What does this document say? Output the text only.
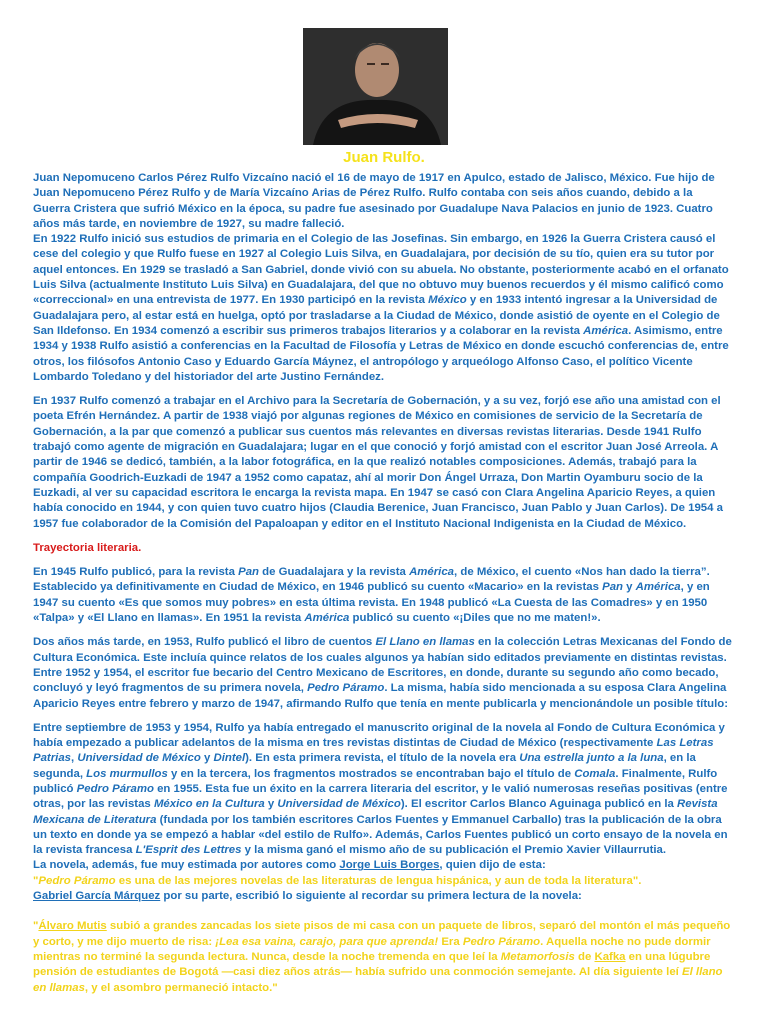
Juan Rulfo.

Juan Nepomuceno Carlos Pérez Rulfo Vizcaíno nació el 16 de mayo de 1917 en Apulco, estado de Jalisco, México. Fue hijo de Juan Nepomuceno Pérez Rulfo y de María Vizcaíno Arias de Pérez Rulfo. Rulfo contaba con seis años cuando, debido a la Guerra Cristera que sufrió México en la época, su padre fue asesinado por Guadalupe Nava Palacios en junio de 1923. Cuatro años más tarde, en noviembre de 1927, su madre falleció.

En 1922 Rulfo inició sus estudios de primaria en el Colegio de las Josefinas. Sin embargo, en 1926 la Guerra Cristera causó el cese del colegio y que Rulfo fuese en 1927 al Colegio Luis Silva, en Guadalajara, por decisión de su tío, quien era su tutor por aquel entonces. En 1929 se trasladó a San Gabriel, donde vivió con su abuela. No obstante, posteriormente acabó en el orfanato Luis Silva (actualmente Instituto Luis Silva) en Guadalajara, del que no obtuvo muy buenos recuerdos y él mismo calificó como «correccional» en una entrevista de 1977. En 1930 participó en la revista México y en 1933 intentó ingresar a la Universidad de Guadalajara pero, al estar está en huelga, optó por trasladarse a la Ciudad de México, donde asistió de oyente en el Colegio de San Ildefonso. En 1934 comenzó a escribir sus primeros trabajos literarios y a colaborar en la revista América. Asimismo, entre 1934 y 1938 Rulfo asistió a conferencias en la Facultad de Filosofía y Letras de México en donde escuchó conferencias de, entre otros, los filósofos Antonio Caso y Eduardo García Máynez, el antropólogo y arqueólogo Alfonso Caso, el político Vicente Lombardo Toledano y del historiador del arte Justino Fernández.

En 1937 Rulfo comenzó a trabajar en el Archivo para la Secretaría de Gobernación, y a su vez, forjó ese año una amistad con el poeta Efrén Hernández. A partir de 1938 viajó por algunas regiones de México en comisiones de servicio de la Secretaría de Gobernación, a la par que comenzó a publicar sus cuentos más relevantes en diversas revistas literarias. Desde 1941 Rulfo trabajó como agente de migración en Guadalajara; lugar en el que conoció y forjó amistad con el escritor Juan José Arreola. A partir de 1946 se dedicó, también, a la labor fotográfica, en la que realizó notables composiciones. Además, trabajó para la compañía Goodrich-Euzkadi de 1947 a 1952 como capataz, ahí al morir Don Ángel Urraza, Don Martin Oyamburu socio de la Euzkadi, al ver su capacidad escritora le encarga la revista mapa. En 1947 se casó con Clara Angelina Aparicio Reyes, a quien había conocido en 1944, y con quien tuvo cuatro hijos (Claudia Berenice, Juan Francisco, Juan Pablo y Juan Carlos). De 1954 a 1957 fue colaborador de la Comisión del Papaloapan y editor en el Instituto Nacional Indigenista en la Ciudad de México.

Trayectoria literaria.

En 1945 Rulfo publicó, para la revista Pan de Guadalajara y la revista América, de México, el cuento «Nos han dado la tierra”. Establecido ya definitivamente en Ciudad de México, en 1946 publicó su cuento «Macario» en la revistas Pan y América, y en 1947 su cuento «Es que somos muy pobres» en esta última revista. En 1948 publicó «La Cuesta de las Comadres» y en 1950 «Talpa» y «El Llano en llamas». En 1951 la revista América publicó su cuento «¡Diles que no me maten!».

Dos años más tarde, en 1953, Rulfo publicó el libro de cuentos El Llano en llamas en la colección Letras Mexicanas del Fondo de Cultura Económica. Este incluía quince relatos de los cuales algunos ya habían sido editados previamente en distintas revistas. Entre 1952 y 1954, el escritor fue becario del Centro Mexicano de Escritores, en donde, durante su segundo año como becado, concluyó y leyó fragmentos de su primera novela, Pedro Páramo. La misma, había sido mencionada a su esposa Clara Angelina Aparicio Reyes entre febrero y marzo de 1947, afirmando Rulfo que tenía en mente publicarla y mencionándole un posible título:

Entre septiembre de 1953 y 1954, Rulfo ya había entregado el manuscrito original de la novela al Fondo de Cultura Económica y había empezado a publicar adelantos de la misma en tres revistas distintas de Ciudad de México (respectivamente Las Letras Patrias, Universidad de México y Dintel). En esta primera revista, el título de la novela era Una estrella junto a la luna, en la segunda, Los murmullos y en la tercera, los fragmentos mostrados se encontraban bajo el título de Comala. Finalmente, Rulfo publicó Pedro Páramo en 1955. Esta fue un éxito en la carrera literaria del escritor, y le valió numerosas reseñas positivas (entre otras, por las revistas México en la Cultura y Universidad de México). El escritor Carlos Blanco Aguinaga publicó en la Revista Mexicana de Literatura (fundada por los también escritores Carlos Fuentes y Emmanuel Carballo) tras la publicación de la obra un texto en donde ya se empezó a hablar «del estilo de Rulfo». Además, Carlos Fuentes publicó un corto ensayo de la novela en la revista francesa L'Esprit des Lettres y la misma ganó el mismo año de su publicación el Premio Xavier Villaurrutia.

La novela, además, fue muy estimada por autores como Jorge Luis Borges, quien dijo de esta:

"Pedro Páramo es una de las mejores novelas de las literaturas de lengua hispánica, y aun de toda la literatura".

Gabriel García Márquez por su parte, escribió lo siguiente al recordar su primera lectura de la novela:

"Álvaro Mutis subió a grandes zancadas los siete pisos de mi casa con un paquete de libros, separó del montón el más pequeño y corto, y me dijo muerto de risa: ¡Lea esa vaina, carajo, para que aprenda! Era Pedro Páramo. Aquella noche no pude dormir mientras no terminé la segunda lectura. Nunca, desde la noche tremenda en que leí la Metamorfosis de Kafka en una lúgubre pensión de estudiantes de Bogotá —casi diez años atrás— había sufrido una conmoción semejante. Al día siguiente leí El llano en llamas, y el asombro permaneció intacto."
